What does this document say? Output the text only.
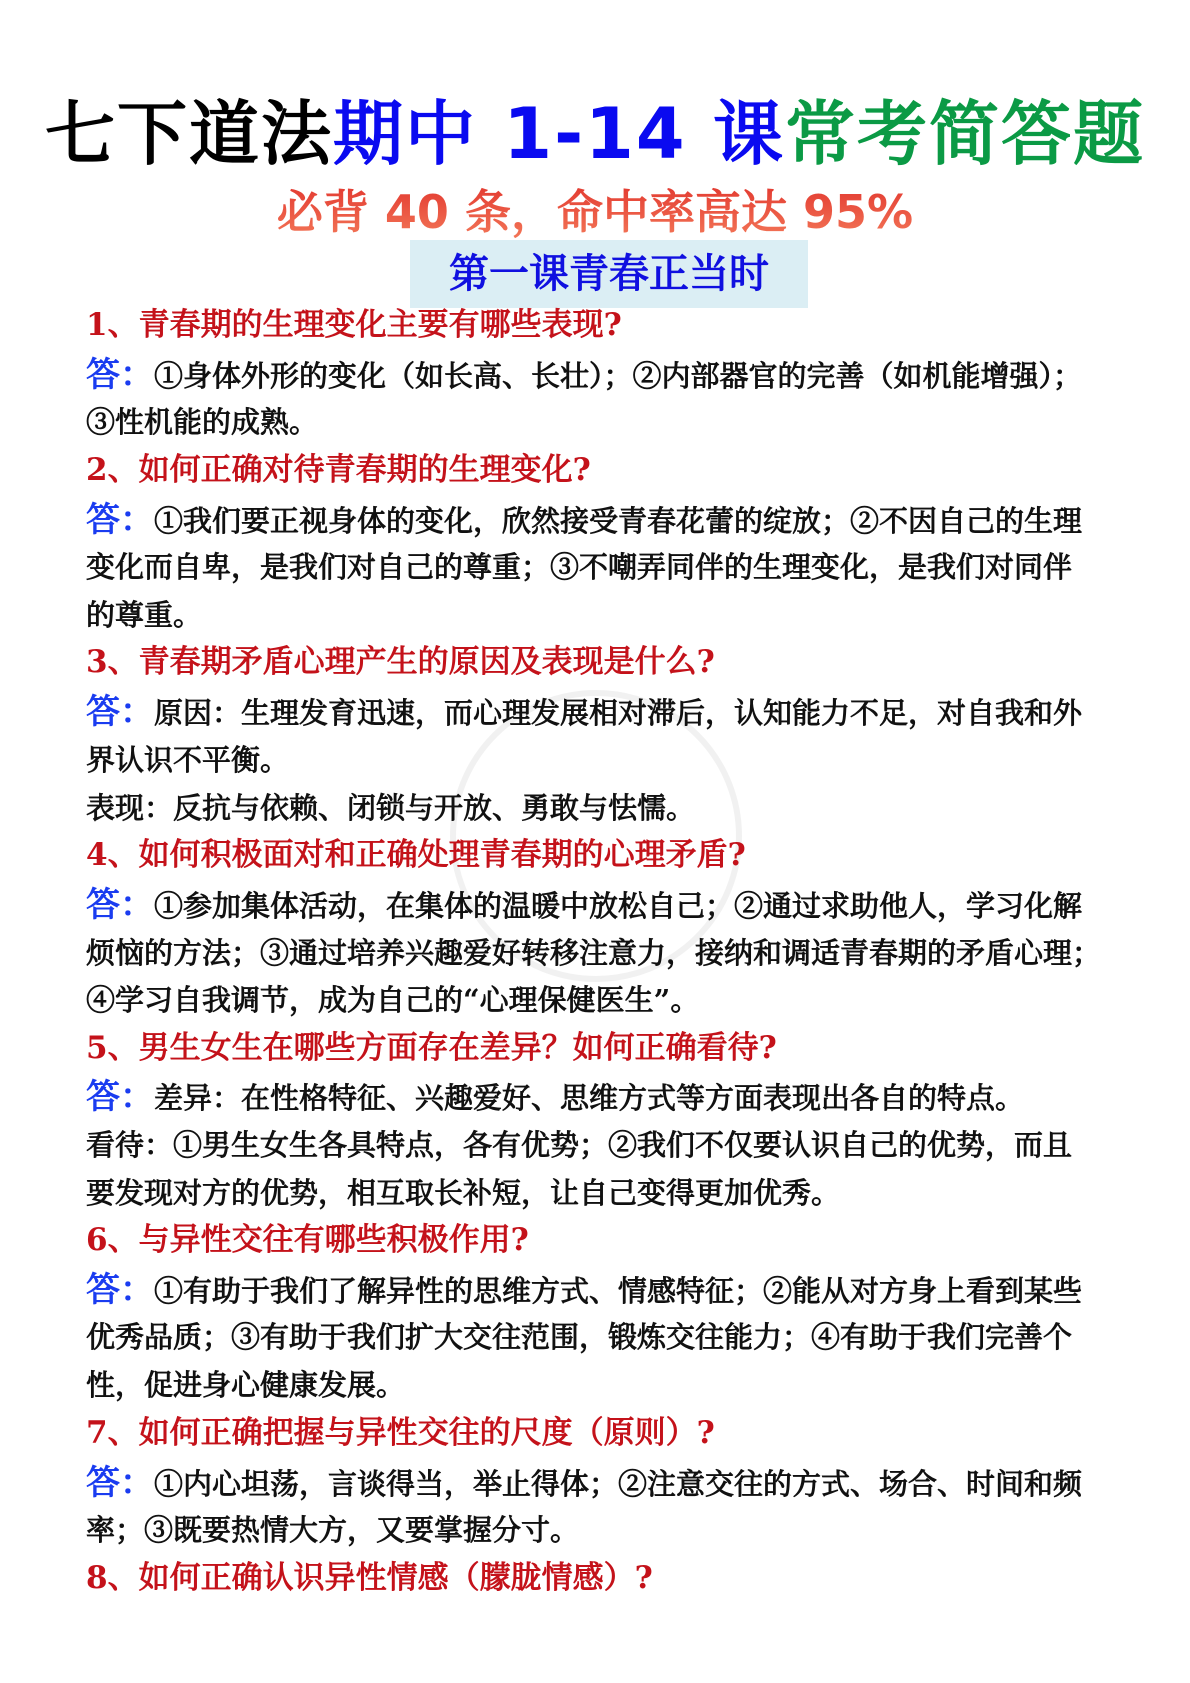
七下道法期中 1-14 课常考简答题
必背 40 条，命中率高达 95%
第一课青春正当时
1、青春期的生理变化主要有哪些表现?
答：①身体外形的变化（如长高、长壮）；②内部器官的完善（如机能增强）；
③性机能的成熟。
2、如何正确对待青春期的生理变化?
答：①我们要正视身体的变化，欣然接受青春花蕾的绽放；②不因自己的生理
变化而自卑，是我们对自己的尊重；③不嘲弄同伴的生理变化，是我们对同伴
的尊重。
3、青春期矛盾心理产生的原因及表现是什么?
答：原因：生理发育迅速，而心理发展相对滞后，认知能力不足，对自我和外
界认识不平衡。
表现：反抗与依赖、闭锁与开放、勇敢与怯懦。
4、如何积极面对和正确处理青春期的心理矛盾?
答：①参加集体活动，在集体的温暖中放松自己；②通过求助他人，学习化解
烦恼的方法；③通过培养兴趣爱好转移注意力，接纳和调适青春期的矛盾心理；
④学习自我调节，成为自己的“心理保健医生”。
5、男生女生在哪些方面存在差异？如何正确看待?
答：差异：在性格特征、兴趣爱好、思维方式等方面表现出各自的特点。
看待：①男生女生各具特点，各有优势；②我们不仅要认识自己的优势，而且
要发现对方的优势，相互取长补短，让自己变得更加优秀。
6、与异性交往有哪些积极作用?
答：①有助于我们了解异性的思维方式、情感特征；②能从对方身上看到某些
优秀品质；③有助于我们扩大交往范围，锻炼交往能力；④有助于我们完善个
性，促进身心健康发展。
7、如何正确把握与异性交往的尺度（原则）?
答：①内心坦荡，言谈得当，举止得体；②注意交往的方式、场合、时间和频
率；③既要热情大方，又要掌握分寸。
8、如何正确认识异性情感（朦胧情感）?
